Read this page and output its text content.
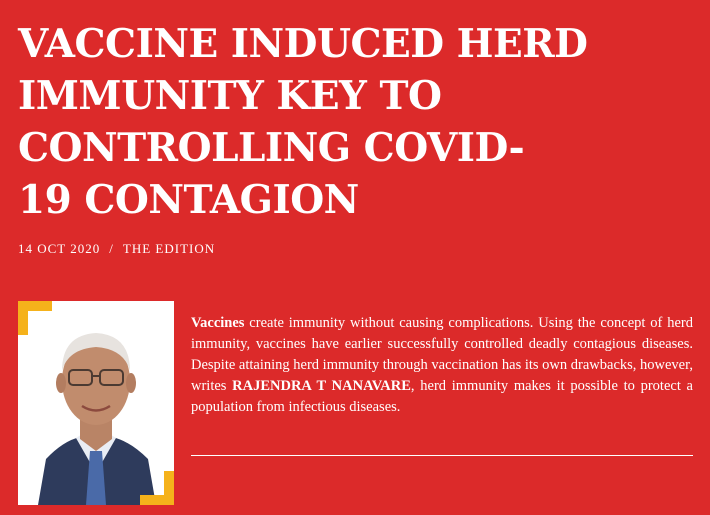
VACCINE INDUCED HERD
IMMUNITY KEY TO
CONTROLLING COVID-
19 CONTAGION
14 OCT 2020 / THE EDITION

Vaccines create immunity without causing complications. Using the concept of herd immunity, vaccines have earlier successfully controlled deadly contagious diseases. Despite attaining herd immunity through vaccination has its own drawbacks, however, writes RAJENDRA T NANAVARE, herd immunity makes it possible to protect a population from infectious diseases.
